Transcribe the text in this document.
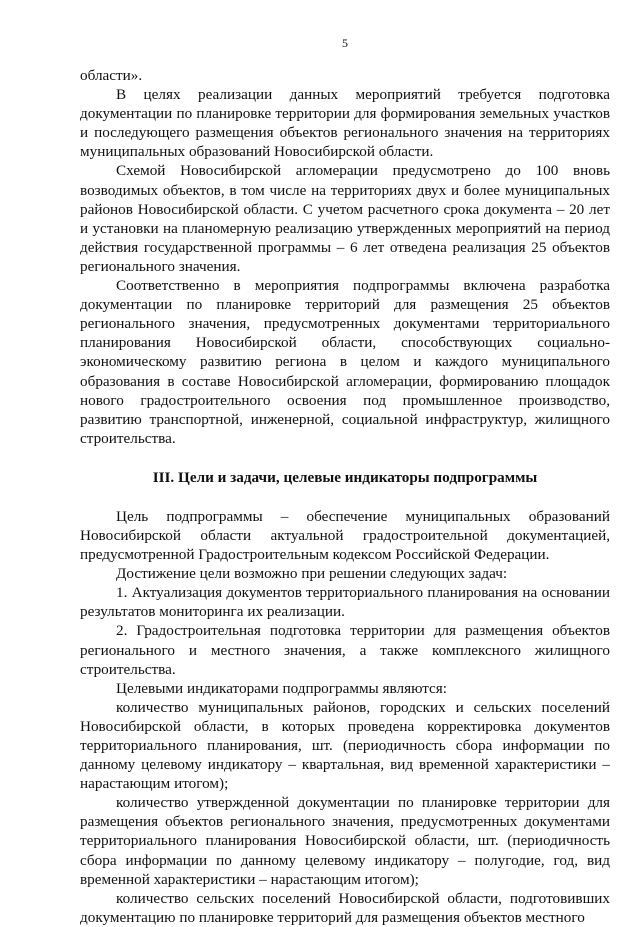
5

области».

В целях реализации данных мероприятий требуется подготовка документации по планировке территории для формирования земельных участков и последующего размещения объектов регионального значения на территориях муниципальных образований Новосибирской области.

Схемой Новосибирской агломерации предусмотрено до 100 вновь возводимых объектов, в том числе на территориях двух и более муниципальных районов Новосибирской области. С учетом расчетного срока документа – 20 лет и установки на планомерную реализацию утвержденных мероприятий на период действия государственной программы – 6 лет отведена реализация 25 объектов регионального значения.

Соответственно в мероприятия подпрограммы включена разработка документации по планировке территорий для размещения 25 объектов регионального значения, предусмотренных документами территориального планирования Новосибирской области, способствующих социально-экономическому развитию региона в целом и каждого муниципального образования в составе Новосибирской агломерации, формированию площадок нового градостроительного освоения под промышленное производство, развитию транспортной, инженерной, социальной инфраструктур, жилищного строительства.

III. Цели и задачи, целевые индикаторы подпрограммы

Цель подпрограммы – обеспечение муниципальных образований Новосибирской области актуальной градостроительной документацией, предусмотренной Градостроительным кодексом Российской Федерации.

Достижение цели возможно при решении следующих задач:

1. Актуализация документов территориального планирования на основании результатов мониторинга их реализации.

2. Градостроительная подготовка территории для размещения объектов регионального и местного значения, а также комплексного жилищного строительства.

Целевыми индикаторами подпрограммы являются:

количество муниципальных районов, городских и сельских поселений Новосибирской области, в которых проведена корректировка документов территориального планирования, шт. (периодичность сбора информации по данному целевому индикатору – квартальная, вид временной характеристики – нарастающим итогом);

количество утвержденной документации по планировке территории для размещения объектов регионального значения, предусмотренных документами территориального планирования Новосибирской области, шт. (периодичность сбора информации по данному целевому индикатору – полугодие, год, вид временной характеристики – нарастающим итогом);

количество сельских поселений Новосибирской области, подготовивших документацию по планировке территорий для размещения объектов местного
